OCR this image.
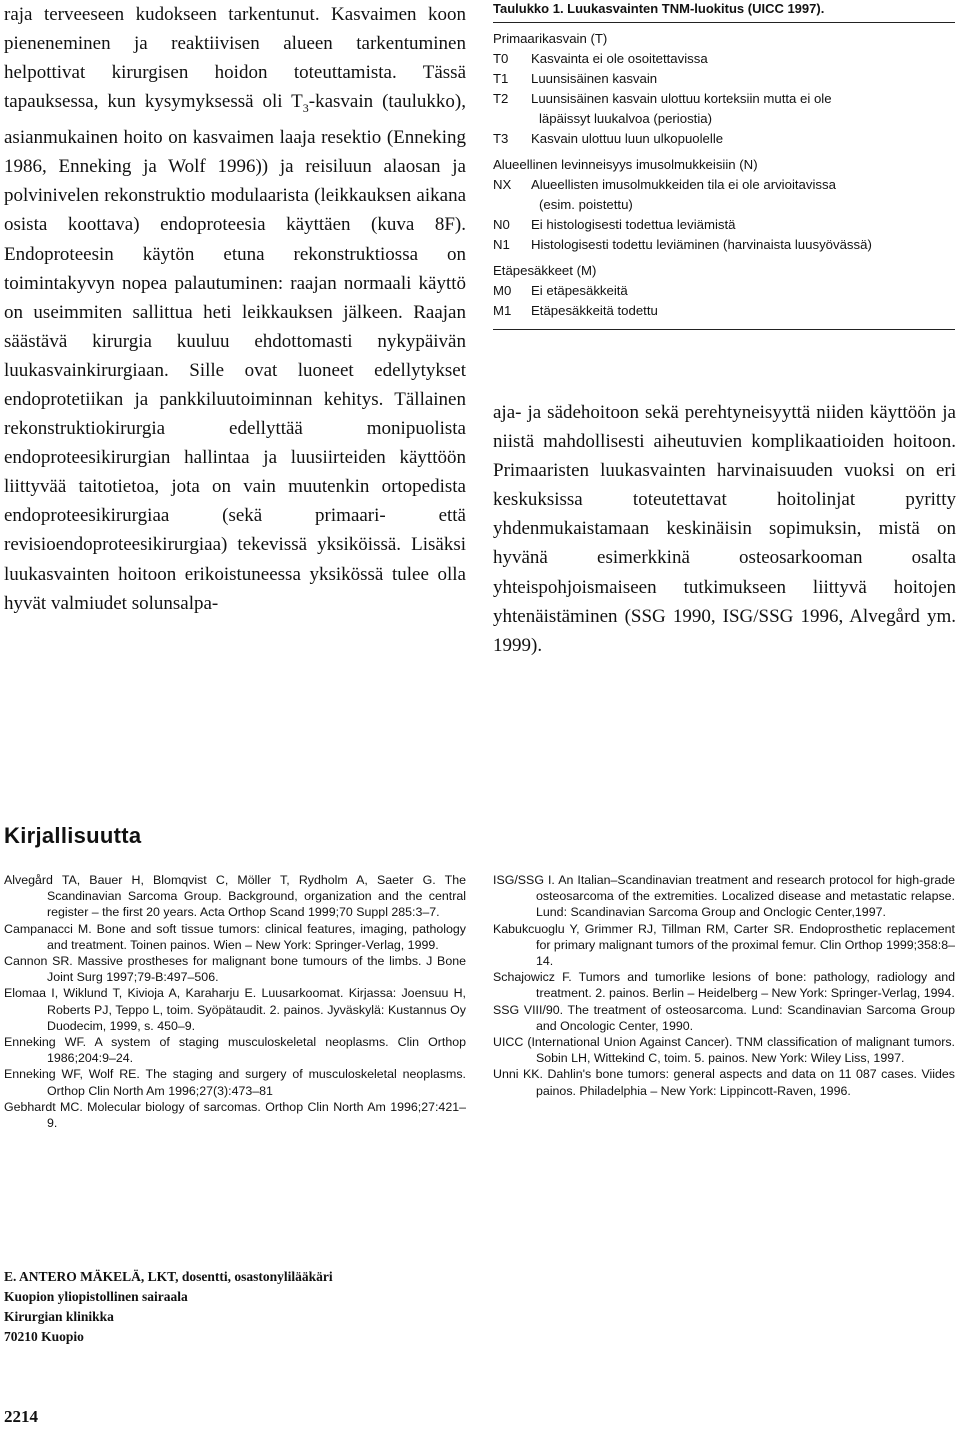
raja terveeseen kudokseen tarkentunut. Kasvaimen koon pieneneminen ja reaktiivisen alueen tarkentuminen helpottivat kirurgisen hoidon toteuttamista. Tässä tapauksessa, kun kysymyksessä oli $T_3$-kasvain (taulukko), asianmukainen hoito on kasvaimen laaja resektio (Enneking 1986, Enneking ja Wolf 1996)) ja reisiluun alaosan ja polvinivelen rekonstruktio modulaarista (leikkauksen aikana osista koottava) endoproteesia käyttäen (kuva 8F). Endoproteesin käytön etuna rekonstruktiossa on toimintakyvyn nopea palautuminen: raajan normaali käyttö on useimmiten sallittua heti leikkauksen jälkeen. Raajan säästävä kirurgia kuuluu ehdottomasti nykypäivän luukasvainkirurgiaan. Sille ovat luoneet edellytykset endoprotetiikan ja pankkiluutoiminnan kehitys. Tällainen rekonstruktiokirurgia edellyttää monipuolista endoproteesikirurgian hallintaa ja luusiirteiden käyttöön liittyvää taitotietoa, jota on vain muutenkin ortopedista endoproteesikirurgiaa (sekä primaari- että revisioendoproteesikirurgiaa) tekevissä yksiköissä. Lisäksi luukasvainten hoitoon erikoistuneessa yksikössä tulee olla hyvät valmiudet solunsalpa-

Taulukko 1. Luukasvainten TNM-luokitus (UICC 1997).
Primaarikasvain (T)
T0	Kasvainta ei ole osoitettavissa
T1	Luunsisäinen kasvain
T2	Luunsisäinen kasvain ulottuu korteksiin mutta ei ole
läpäissyt luukalvoa (periostia)
T3	Kasvain ulottuu luun ulkopuolelle
Alueellinen levinneisyys imusolmukkeisiin (N)
NX	Alueellisten imusolmukkeiden tila ei ole arvioitavissa
(esim. poistettu)
N0	Ei histologisesti todettua leviämistä
N1	Histologisesti todettu leviäminen (harvinaista luusyövässä)
Etäpesäkkeet (M)
M0	Ei etäpesäkkeitä
M1	Etäpesäkkeitä todettu

aja- ja sädehoitoon sekä perehtyneisyyttä niiden käyttöön ja niistä mahdollisesti aiheutuvien komplikaatioiden hoitoon. Primaaristen luukasvainten harvinaisuuden vuoksi on eri keskuksissa toteutettavat hoitolinjat pyritty yhdenmukaistamaan keskinäisin sopimuksin, mistä on hyvänä esimerkkinä osteosarkooman osalta yhteispohjoismaiseen tutkimukseen liittyvä hoitojen yhtenäistäminen (SSG 1990, ISG/SSG 1996, Alvegård ym. 1999).

Kirjallisuutta

Alvegård TA, Bauer H, Blomqvist C, Möller T, Rydholm A, Saeter G. The Scandinavian Sarcoma Group. Background, organization and the central register – the first 20 years. Acta Orthop Scand 1999;70 Suppl 285:3–7.

Campanacci M. Bone and soft tissue tumors: clinical features, imaging, pathology and treatment. Toinen painos. Wien – New York: Springer-Verlag, 1999.

Cannon SR. Massive prostheses for malignant bone tumours of the limbs. J Bone Joint Surg 1997;79-B:497–506.

Elomaa I, Wiklund T, Kivioja A, Karaharju E. Luusarkoomat. Kirjassa: Joensuu H, Roberts PJ, Teppo L, toim. Syöpätaudit. 2. painos. Jyväskylä: Kustannus Oy Duodecim, 1999, s. 450–9.

Enneking WF. A system of staging musculoskeletal neoplasms. Clin Orthop 1986;204:9–24.

Enneking WF, Wolf RE. The staging and surgery of musculoskeletal neoplasms. Orthop Clin North Am 1996;27(3):473–81

Gebhardt MC. Molecular biology of sarcomas. Orthop Clin North Am 1996;27:421–9.

ISG/SSG I. An Italian–Scandinavian treatment and research protocol for high-grade osteosarcoma of the extremities. Localized disease and metastatic relapse. Lund: Scandinavian Sarcoma Group and Onclogic Center,1997.

Kabukcuoglu Y, Grimmer RJ, Tillman RM, Carter SR. Endoprosthetic replacement for primary malignant tumors of the proximal femur. Clin Orthop 1999;358:8–14.

Schajowicz F. Tumors and tumorlike lesions of bone: pathology, radiology and treatment. 2. painos. Berlin – Heidelberg – New York: Springer-Verlag, 1994.

SSG VIII/90. The treatment of osteosarcoma. Lund: Scandinavian Sarcoma Group and Oncologic Center, 1990.

UICC (International Union Against Cancer). TNM classification of malignant tumors. Sobin LH, Wittekind C, toim. 5. painos. New York: Wiley Liss, 1997.

Unni KK. Dahlin's bone tumors: general aspects and data on 11 087 cases. Viides painos. Philadelphia – New York: Lippincott-Raven, 1996.

E. ANTERO MÄKELÄ, LKT, dosentti, osastonylilääkäri
Kuopion yliopistollinen sairaala
Kirurgian klinikka
70210 Kuopio
2214
